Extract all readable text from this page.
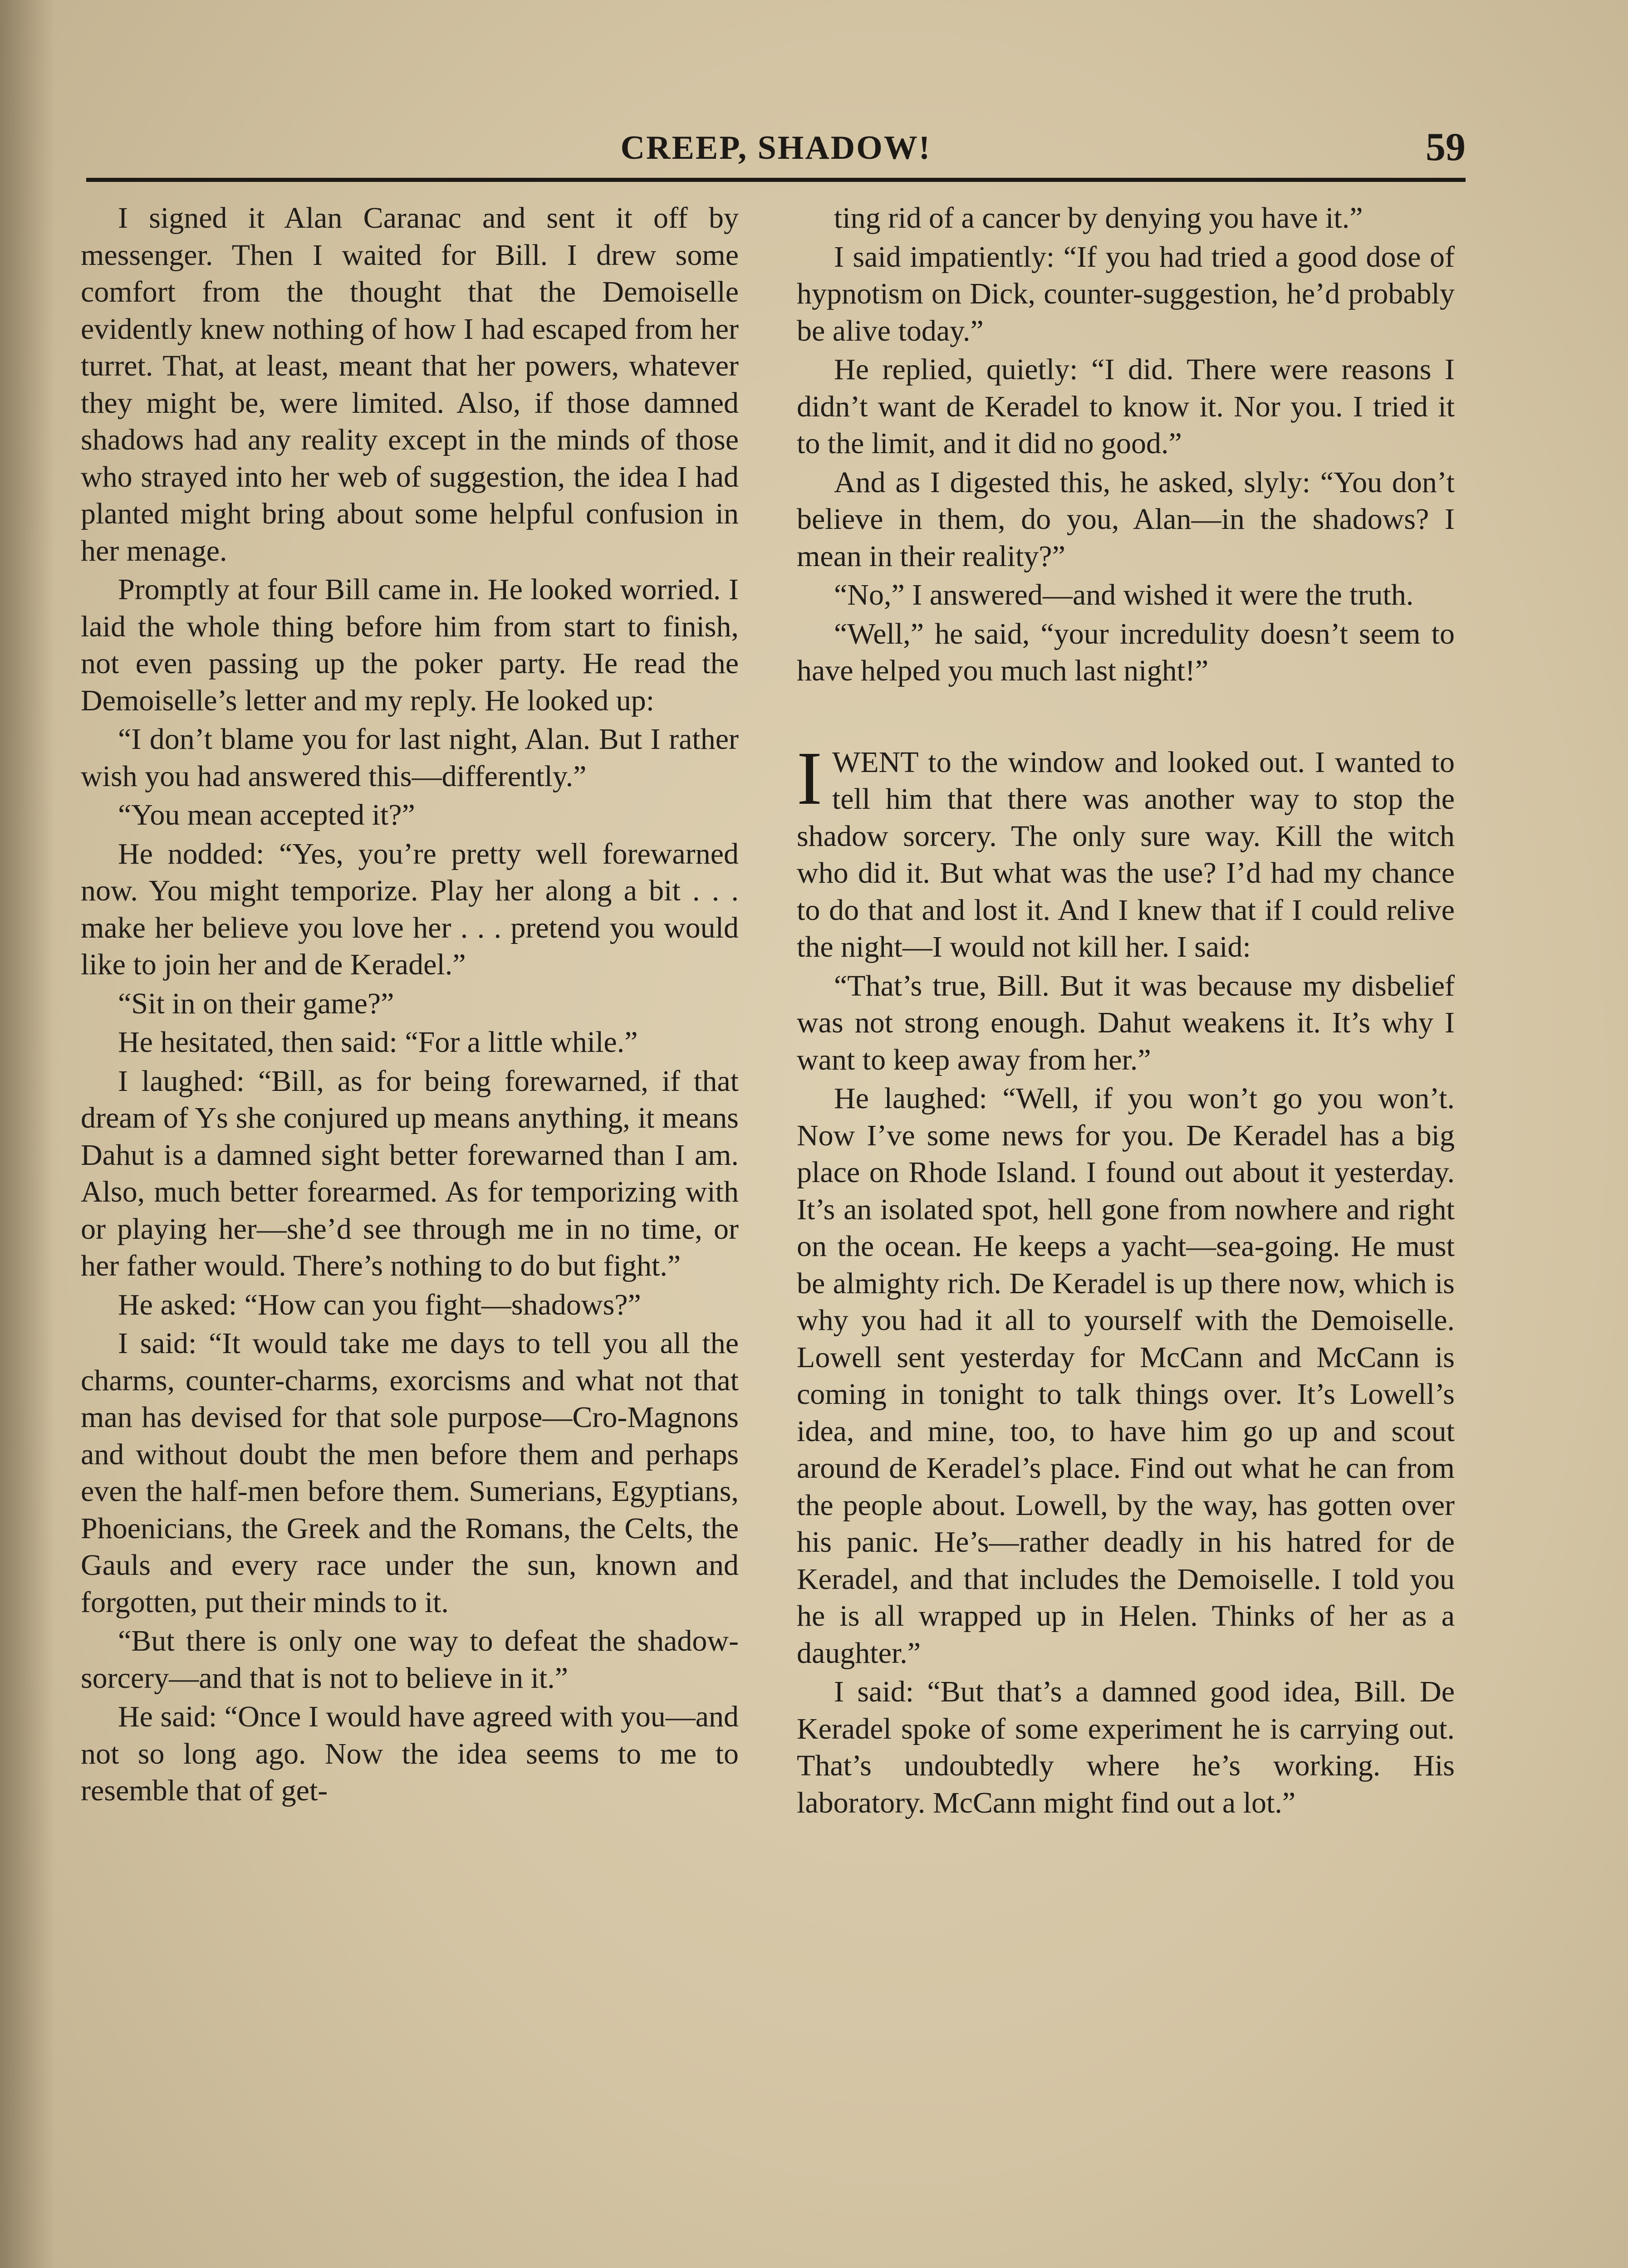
CREEP, SHADOW!	59

I signed it Alan Caranac and sent it off by messenger. Then I waited for Bill. I drew some comfort from the thought that the Demoiselle evidently knew nothing of how I had escaped from her turret. That, at least, meant that her powers, whatever they might be, were limited. Also, if those damned shadows had any reality except in the minds of those who strayed into her web of suggestion, the idea I had planted might bring about some helpful confusion in her menage.

Promptly at four Bill came in. He looked worried. I laid the whole thing before him from start to finish, not even passing up the poker party. He read the Demoiselle’s letter and my reply. He looked up:

“I don’t blame you for last night, Alan. But I rather wish you had answered this—differently.”

“You mean accepted it?”

He nodded: “Yes, you’re pretty well forewarned now. You might temporize. Play her along a bit . . . make her believe you love her . . . pretend you would like to join her and de Keradel.”

“Sit in on their game?”

He hesitated, then said: “For a little while.”

I laughed: “Bill, as for being forewarned, if that dream of Ys she conjured up means anything, it means Dahut is a damned sight better forewarned than I am. Also, much better forearmed. As for temporizing with or playing her—she’d see through me in no time, or her father would. There’s nothing to do but fight.”

He asked: “How can you fight—shadows?”

I said: “It would take me days to tell you all the charms, counter-charms, exorcisms and what not that man has devised for that sole purpose—Cro-Magnons and without doubt the men before them and perhaps even the half-men before them. Sumerians, Egyptians, Phoenicians, the Greek and the Romans, the Celts, the Gauls and every race under the sun, known and forgotten, put their minds to it.

“But there is only one way to defeat the shadow-sorcery—and that is not to believe in it.”

He said: “Once I would have agreed with you—and not so long ago. Now the idea seems to me to resemble that of get-

ting rid of a cancer by denying you have it.”

I said impatiently: “If you had tried a good dose of hypnotism on Dick, counter-suggestion, he’d probably be alive today.”

He replied, quietly: “I did. There were reasons I didn’t want de Keradel to know it. Nor you. I tried it to the limit, and it did no good.”

And as I digested this, he asked, slyly: “You don’t believe in them, do you, Alan—in the shadows? I mean in their reality?”

“No,” I answered—and wished it were the truth.

“Well,” he said, “your incredulity doesn’t seem to have helped you much last night!”

IWENT to the window and looked out. I wanted to tell him that there was another way to stop the shadow sorcery. The only sure way. Kill the witch who did it. But what was the use? I’d had my chance to do that and lost it. And I knew that if I could relive the night—I would not kill her. I said:

“That’s true, Bill. But it was because my disbelief was not strong enough. Dahut weakens it. It’s why I want to keep away from her.”

He laughed: “Well, if you won’t go you won’t. Now I’ve some news for you. De Keradel has a big place on Rhode Island. I found out about it yesterday. It’s an isolated spot, hell gone from nowhere and right on the ocean. He keeps a yacht—sea-going. He must be almighty rich. De Keradel is up there now, which is why you had it all to yourself with the Demoiselle. Lowell sent yesterday for McCann and McCann is coming in tonight to talk things over. It’s Lowell’s idea, and mine, too, to have him go up and scout around de Keradel’s place. Find out what he can from the people about. Lowell, by the way, has gotten over his panic. He’s—rather deadly in his hatred for de Keradel, and that includes the Demoiselle. I told you he is all wrapped up in Helen. Thinks of her as a daughter.”

I said: “But that’s a damned good idea, Bill. De Keradel spoke of some experiment he is carrying out. That’s undoubtedly where he’s working. His laboratory. McCann might find out a lot.”
